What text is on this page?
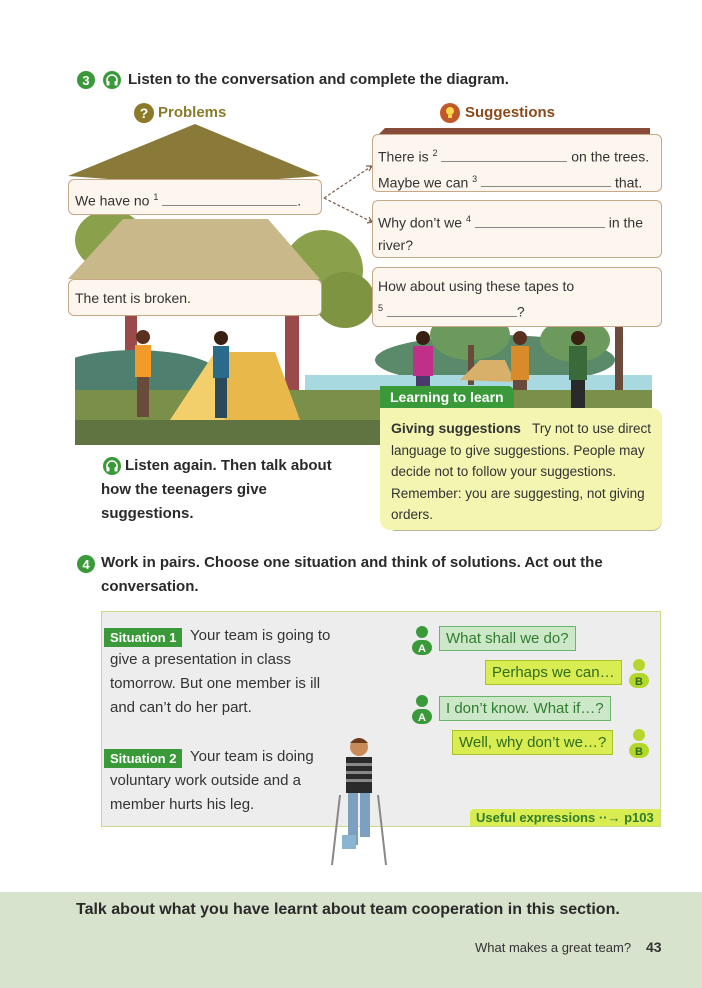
3	Listen to the conversation and complete the diagram.
? Problems	Suggestions
We have no $^1$	.
The tent is broken.
There is $^2$	on the trees.
Maybe we can $^3$	that.
Why don’t we $^4$	in the
river?
How about using these tapes to
$^5$	?
Listen again. Then talk about how the teenagers give suggestions.
Learning to learn
Giving suggestions Try not to use direct language to give suggestions. People may decide not to follow your suggestions. Remember: you are suggesting, not giving orders.
4 Work in pairs. Choose one situation and think of solutions. Act out the conversation.
Situation 1 Your team is going to give a presentation in class tomorrow. But one member is ill and can’t do her part.
Situation 2 Your team is doing voluntary work outside and a member hurts his leg.
A
What shall we do?
Perhaps we can…
B
A
I don’t know. What if…?
Well, why don’t we…?
B
Useful expressions ··→ p103
Talk about what you have learnt about team cooperation in this section.
What makes a great team? 43
